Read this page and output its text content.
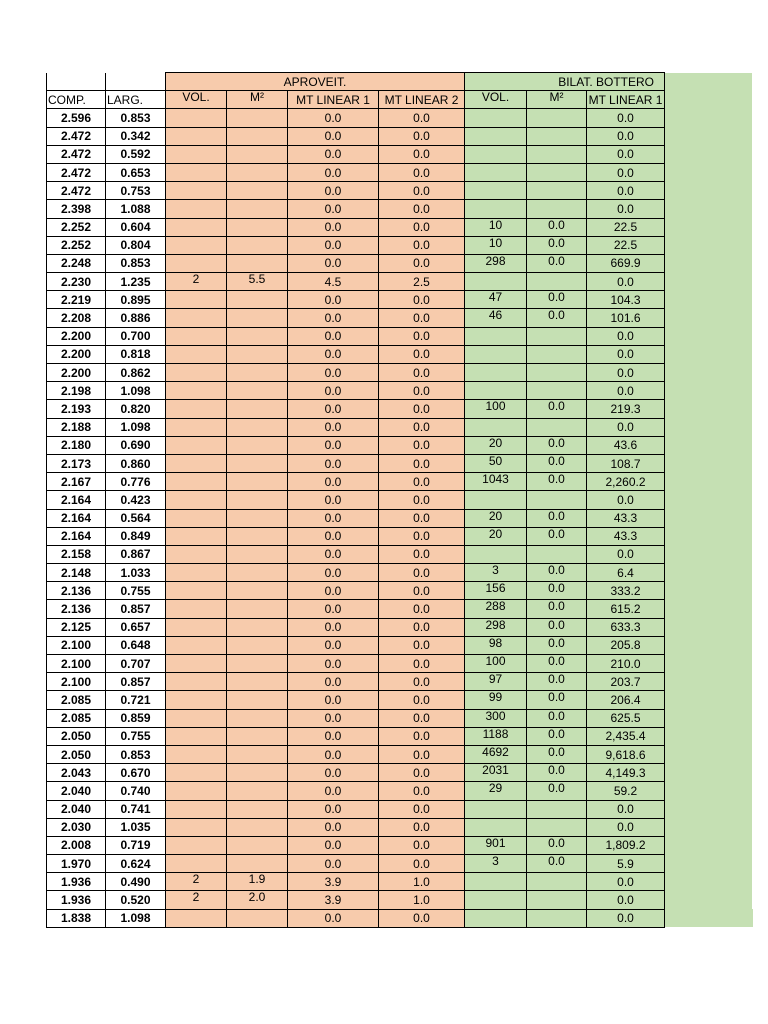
		APROVEIT.				BILAT. BOTTERO			
COMP.	LARG.	VOL.	M²	MT LINEAR 1	MT LINEAR 2	VOL.	M²	MT LINEAR 1	
2.596	0.853			0.0	0.0			0.0	
2.472	0.342			0.0	0.0			0.0	
2.472	0.592			0.0	0.0			0.0	
2.472	0.653			0.0	0.0			0.0	
2.472	0.753			0.0	0.0			0.0	
2.398	1.088			0.0	0.0			0.0	
2.252	0.604			0.0	0.0	10	0.0	22.5	
2.252	0.804			0.0	0.0	10	0.0	22.5	
2.248	0.853			0.0	0.0	298	0.0	669.9	
2.230	1.235	2	5.5	4.5	2.5			0.0	
2.219	0.895			0.0	0.0	47	0.0	104.3	
2.208	0.886			0.0	0.0	46	0.0	101.6	
2.200	0.700			0.0	0.0			0.0	
2.200	0.818			0.0	0.0			0.0	
2.200	0.862			0.0	0.0			0.0	
2.198	1.098			0.0	0.0			0.0	
2.193	0.820			0.0	0.0	100	0.0	219.3	
2.188	1.098			0.0	0.0			0.0	
2.180	0.690			0.0	0.0	20	0.0	43.6	
2.173	0.860			0.0	0.0	50	0.0	108.7	
2.167	0.776			0.0	0.0	1043	0.0	2,260.2	
2.164	0.423			0.0	0.0			0.0	
2.164	0.564			0.0	0.0	20	0.0	43.3	
2.164	0.849			0.0	0.0	20	0.0	43.3	
2.158	0.867			0.0	0.0			0.0	
2.148	1.033			0.0	0.0	3	0.0	6.4	
2.136	0.755			0.0	0.0	156	0.0	333.2	
2.136	0.857			0.0	0.0	288	0.0	615.2	
2.125	0.657			0.0	0.0	298	0.0	633.3	
2.100	0.648			0.0	0.0	98	0.0	205.8	
2.100	0.707			0.0	0.0	100	0.0	210.0	
2.100	0.857			0.0	0.0	97	0.0	203.7	
2.085	0.721			0.0	0.0	99	0.0	206.4	
2.085	0.859			0.0	0.0	300	0.0	625.5	
2.050	0.755			0.0	0.0	1188	0.0	2,435.4	
2.050	0.853			0.0	0.0	4692	0.0	9,618.6	
2.043	0.670			0.0	0.0	2031	0.0	4,149.3	
2.040	0.740			0.0	0.0	29	0.0	59.2	
2.040	0.741			0.0	0.0			0.0	
2.030	1.035			0.0	0.0			0.0	
2.008	0.719			0.0	0.0	901	0.0	1,809.2	
1.970	0.624			0.0	0.0	3	0.0	5.9	
1.936	0.490	2	1.9	3.9	1.0			0.0	
1.936	0.520	2	2.0	3.9	1.0			0.0	
1.838	1.098			0.0	0.0			0.0	
